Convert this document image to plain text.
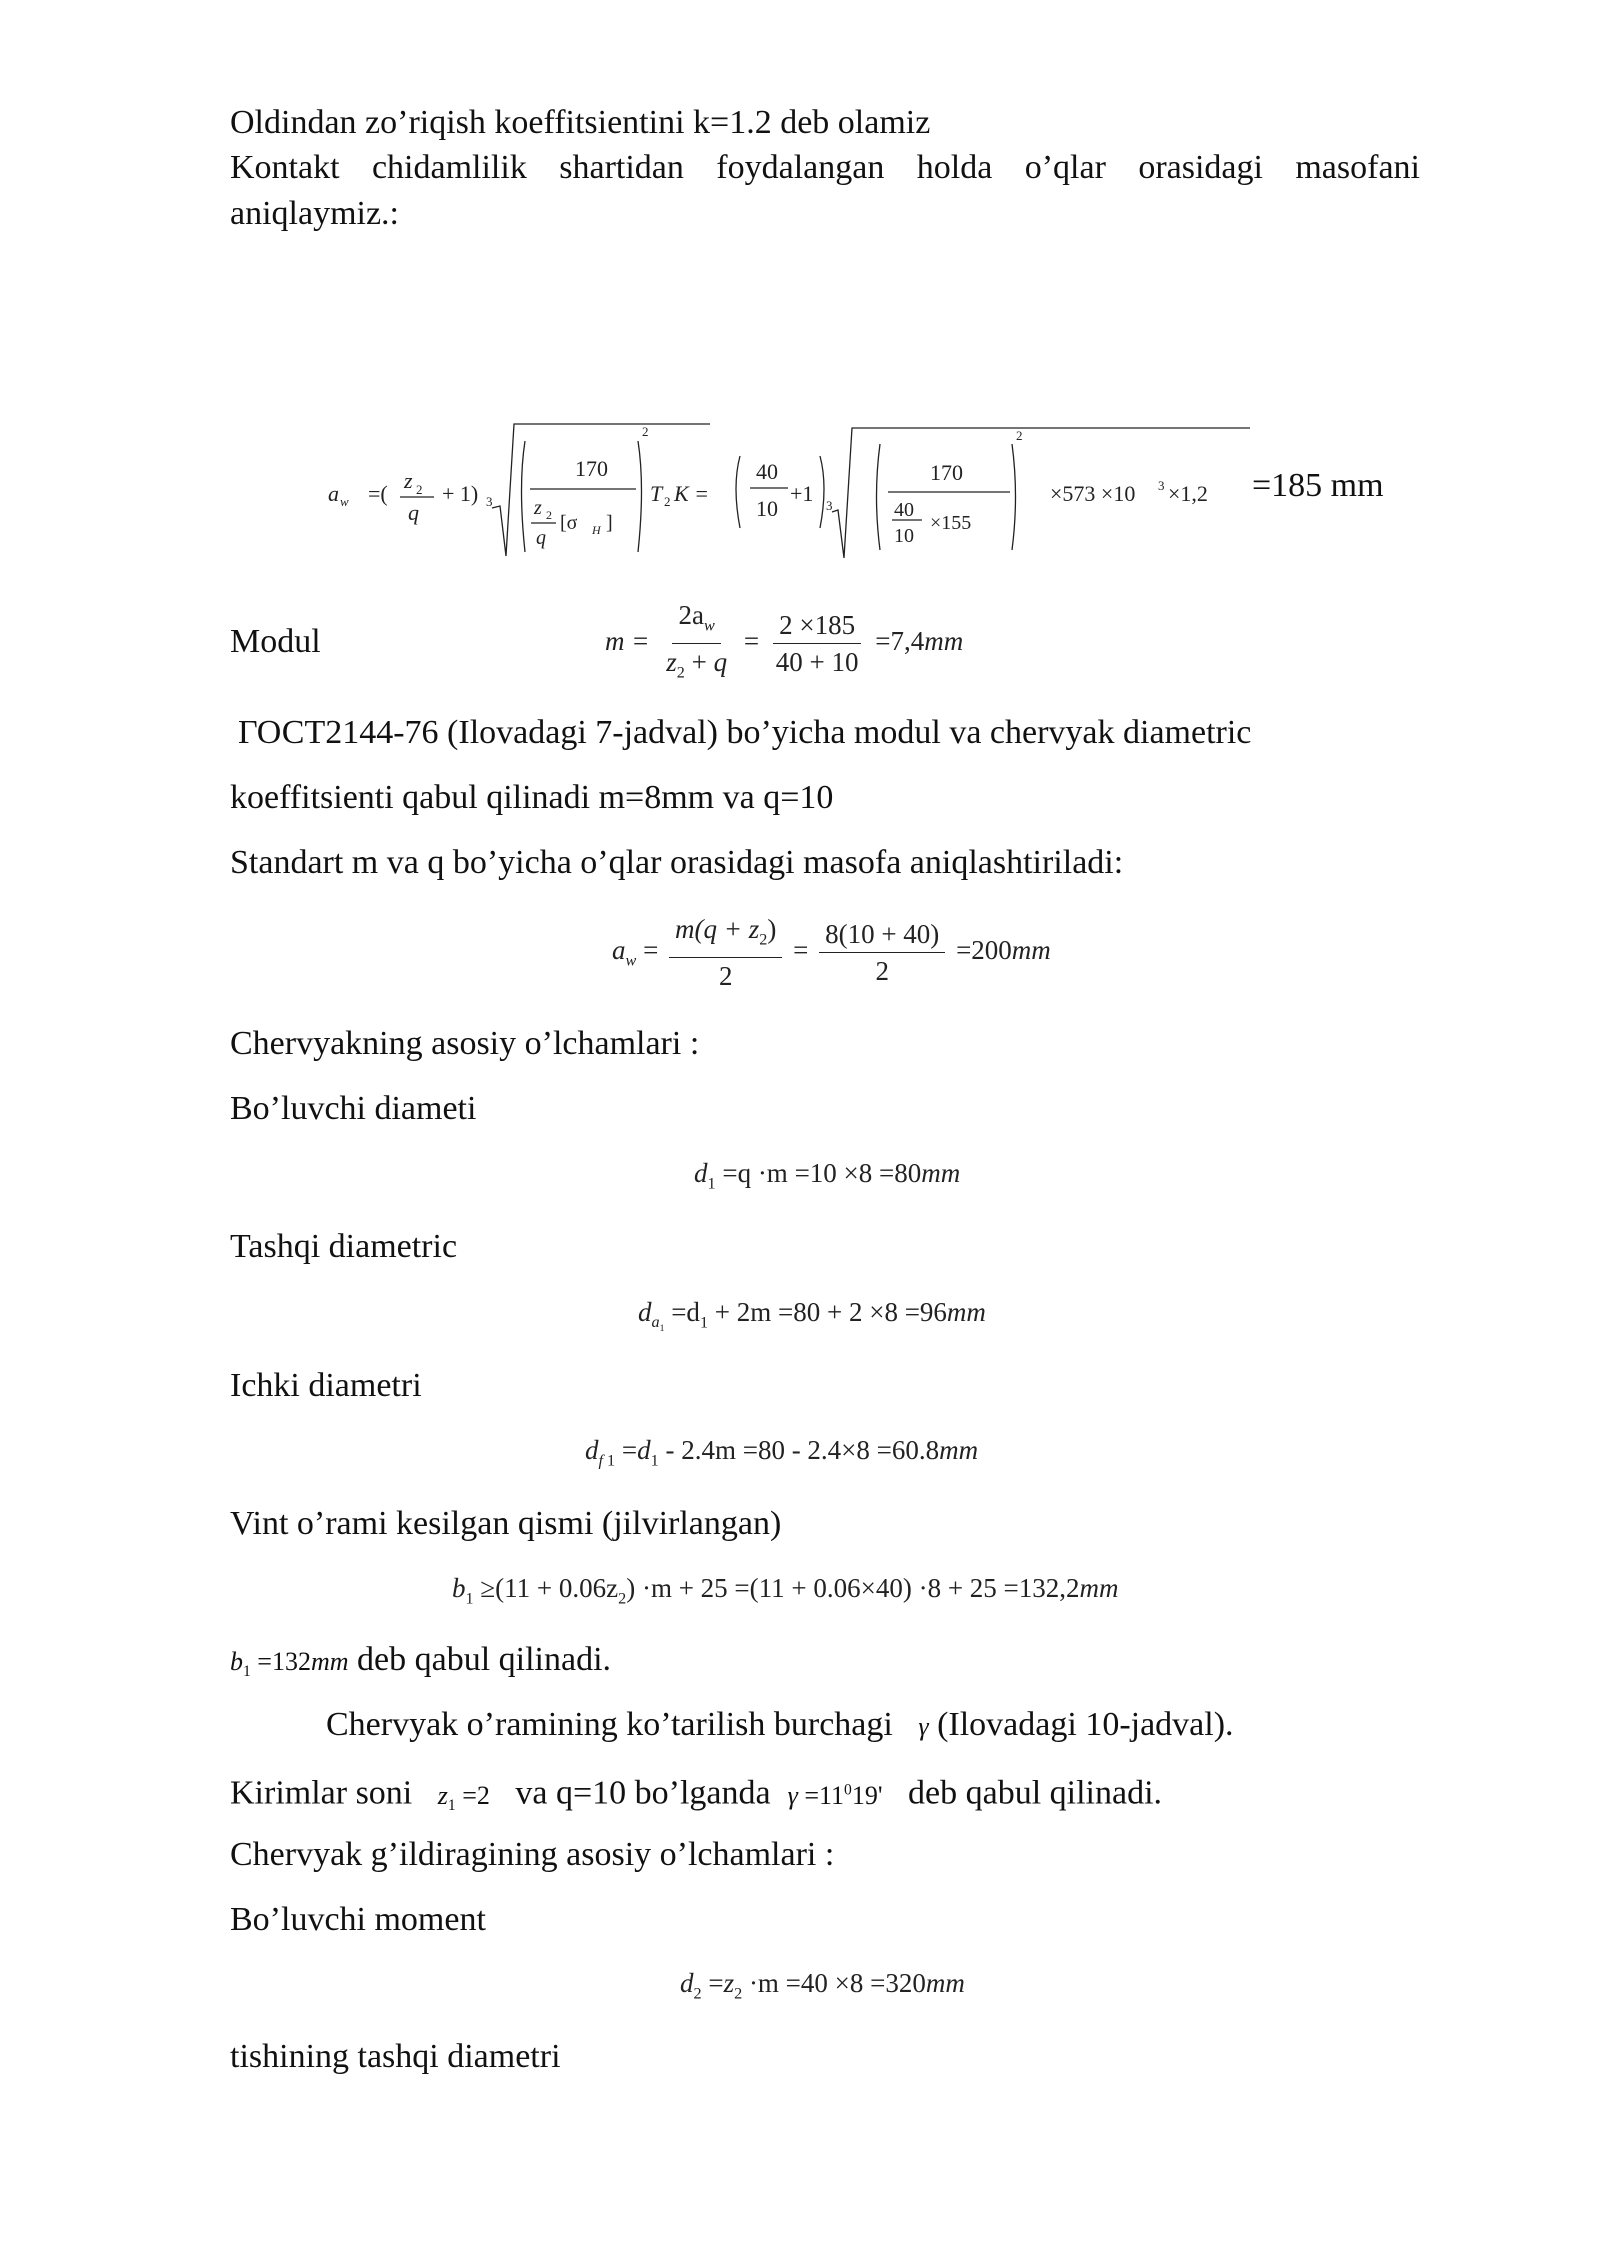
Oldindan zo’riqish koeffitsientini k=1.2 deb olamiz
Kontakt chidamlilik shartidan foydalangan holda o’qlar orasidagi masofani
aniqlaymiz.:
a w =(
z 2
q
+ 1) 3
170
z 2
q
[σ H ]
2
T 2 K =
40
10
+1 3
170
40
10
×155
2
×573 ×10 3 ×1,2 =185 mm
Modul	$m = \frac{2a_w}{z_2 + q} = \frac{2 \times 185}{40 + 10} =7,4mm$
ГОСТ2144-76 (Ilovadagi 7-jadval) bo’yicha modul va chervyak diametric
koeffitsienti qabul qilinadi m=8mm va q=10
Standart m va q bo’yicha o’qlar orasidagi masofa aniqlashtiriladi:
$a_w = \frac{m(q + z_2)}{2} = \frac{8(10 + 40)}{2} =200mm$
Chervyakning asosiy o’lchamlari :
Bo’luvchi diameti
$d_1 =q \cdot m =10 \times 8 =80mm$
Tashqi diametric
$d_{a_1} =d_1 + 2m =80 + 2 \times 8 =96mm$
Ichki diametri
$d_{f 1} =d_1 - 2.4m =80 - 2.4\times 8 =60.8mm$
Vint o’rami kesilgan qismi (jilvirlangan)
$b_1 \ge(11 + 0.06z_2) \cdot m + 25 =(11 + 0.06\times 40) \cdot 8 + 25 =132,2mm$
$b_1 =132mm$ deb qabul qilinadi.
Chervyak o’ramining ko’tarilish burchagi γ (Ilovadagi 10-jadval).
Kirimlar soni $z_1 =2$ va q=10 bo’lganda $\gamma =11^019'$ deb qabul qilinadi.
Chervyak g’ildiragining asosiy o’lchamlari :
Bo’luvchi moment
$d_2 =z_2 \cdot m =40 \times 8 =320mm$
tishining tashqi diametri
